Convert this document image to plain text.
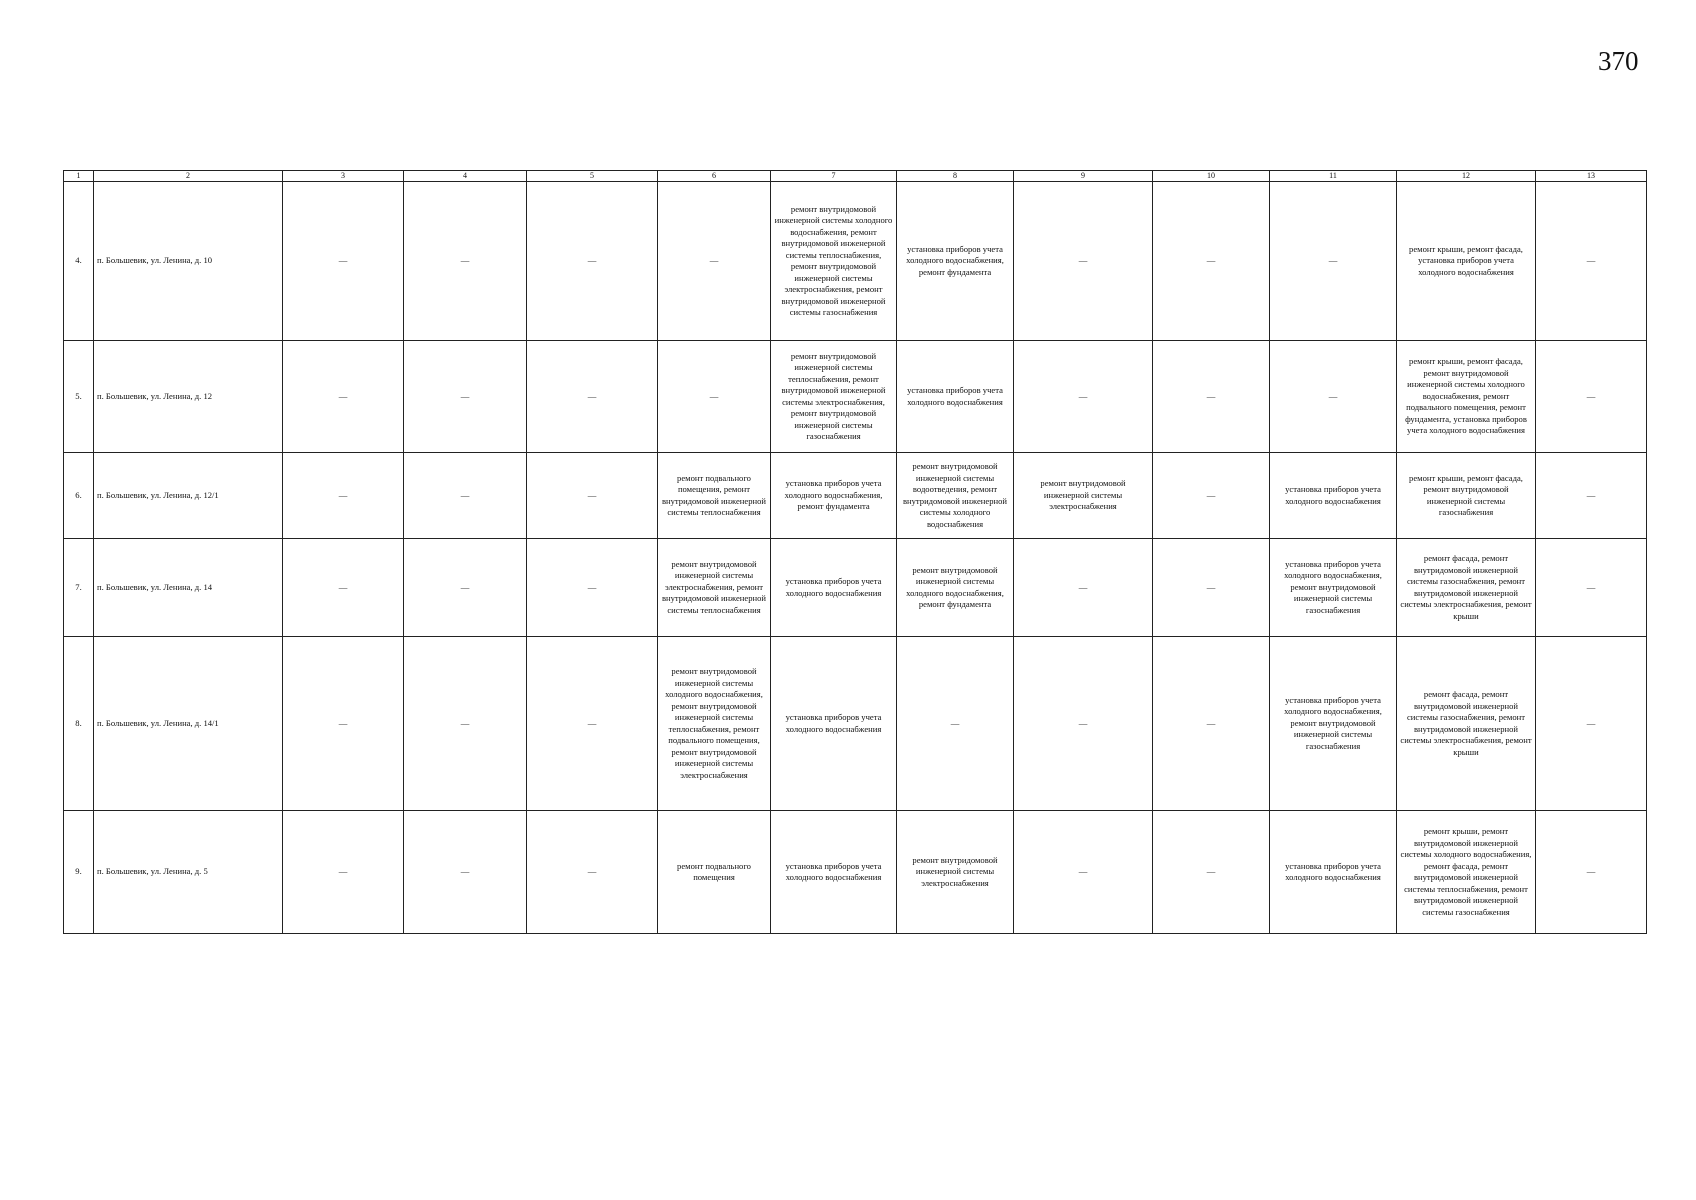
370
1	2	3	4	5	6	7	8	9	10	11	12	13
4.	п. Большевик, ул. Ленина, д. 10	—	—	—	—	ремонт внутридомовой инженерной системы холодного водоснабжения, ремонт внутридомовой инженерной системы теплоснабжения, ремонт внутридомовой инженерной системы электроснабжения, ремонт внутридомовой инженерной системы газоснабжения	установка приборов учета холодного водоснабжения, ремонт фундамента	—	—	—	ремонт крыши, ремонт фасада, установка приборов учета холодного водоснабжения	—
5.	п. Большевик, ул. Ленина, д. 12	—	—	—	—	ремонт внутридомовой инженерной системы теплоснабжения, ремонт внутридомовой инженерной системы электроснабжения, ремонт внутридомовой инженерной системы газоснабжения	установка приборов учета холодного водоснабжения	—	—	—	ремонт крыши, ремонт фасада, ремонт внутридомовой инженерной системы холодного водоснабжения, ремонт подвального помещения, ремонт фундамента, установка приборов учета холодного водоснабжения	—
6.	п. Большевик, ул. Ленина, д. 12/1	—	—	—	ремонт подвального помещения, ремонт внутридомовой инженерной системы теплоснабжения	установка приборов учета холодного водоснабжения, ремонт фундамента	ремонт внутридомовой инженерной системы водоотведения, ремонт внутридомовой инженерной системы холодного водоснабжения	ремонт внутридомовой инженерной системы электроснабжения	—	установка приборов учета холодного водоснабжения	ремонт крыши, ремонт фасада, ремонт внутридомовой инженерной системы газоснабжения	—
7.	п. Большевик, ул. Ленина, д. 14	—	—	—	ремонт внутридомовой инженерной системы электроснабжения, ремонт внутридомовой инженерной системы теплоснабжения	установка приборов учета холодного водоснабжения	ремонт внутридомовой инженерной системы холодного водоснабжения, ремонт фундамента	—	—	установка приборов учета холодного водоснабжения, ремонт внутридомовой инженерной системы газоснабжения	ремонт фасада, ремонт внутридомовой инженерной системы газоснабжения, ремонт внутридомовой инженерной системы электроснабжения, ремонт крыши	—
8.	п. Большевик, ул. Ленина, д. 14/1	—	—	—	ремонт внутридомовой инженерной системы холодного водоснабжения, ремонт внутридомовой инженерной системы теплоснабжения, ремонт подвального помещения, ремонт внутридомовой инженерной системы электроснабжения	установка приборов учета холодного водоснабжения	—	—	—	установка приборов учета холодного водоснабжения, ремонт внутридомовой инженерной системы газоснабжения	ремонт фасада, ремонт внутридомовой инженерной системы газоснабжения, ремонт внутридомовой инженерной системы электроснабжения, ремонт крыши	—
9.	п. Большевик, ул. Ленина, д. 5	—	—	—	ремонт подвального помещения	установка приборов учета холодного водоснабжения	ремонт внутридомовой инженерной системы электроснабжения	—	—	установка приборов учета холодного водоснабжения	ремонт крыши, ремонт внутридомовой инженерной системы холодного водоснабжения, ремонт фасада, ремонт внутридомовой инженерной системы теплоснабжения, ремонт внутридомовой инженерной системы газоснабжения	—
